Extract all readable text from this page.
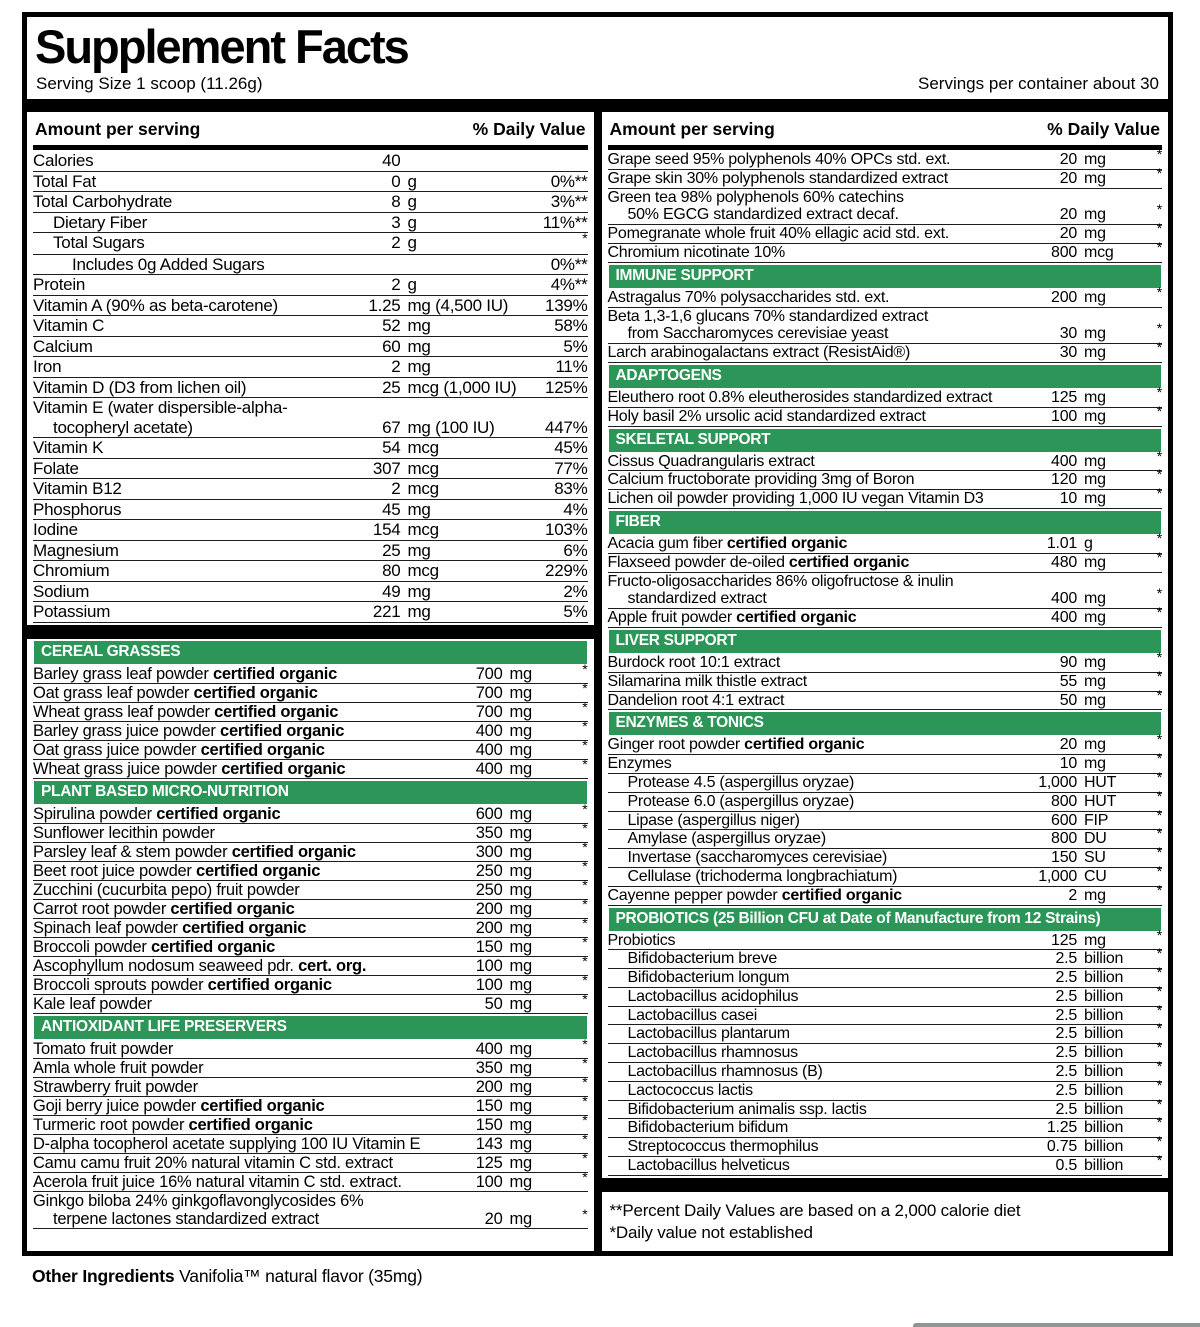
Supplement Facts
Serving Size 1 scoop (11.26g)	Servings per container about 30
Amount per serving	% Daily Value
Calories	40
Total Fat	0 g	0%**
Total Carbohydrate	8 g	3%**
Dietary Fiber	3 g	11%**
Total Sugars	2 g	*
Includes 0g Added Sugars	0%**
Protein	2 g	4%**
Vitamin A (90% as beta-carotene)	1.25 mg (4,500 IU)	139%
Vitamin C	52 mg	58%
Calcium	60 mg	5%
Iron	2 mg	11%
Vitamin D (D3 from lichen oil)	25 mcg (1,000 IU)	125%
Vitamin E (water dispersible-alpha-
tocopheryl acetate)	67 mg (100 IU)	447%
Vitamin K	54 mcg	45%
Folate	307 mcg	77%
Vitamin B12	2 mcg	83%
Phosphorus	45 mg	4%
Iodine	154 mcg	103%
Magnesium	25 mg	6%
Chromium	80 mcg	229%
Sodium	49 mg	2%
Potassium	221 mg	5%
CEREAL GRASSES
Barley grass leaf powder certified organic	700 mg	*
Oat grass leaf powder certified organic	700 mg	*
Wheat grass leaf powder certified organic	700 mg	*
Barley grass juice powder certified organic	400 mg	*
Oat grass juice powder certified organic	400 mg	*
Wheat grass juice powder certified organic	400 mg	*
PLANT BASED MICRO-NUTRITION
Spirulina powder certified organic	600 mg	*
Sunflower lecithin powder	350 mg	*
Parsley leaf & stem powder certified organic	300 mg	*
Beet root juice powder certified organic	250 mg	*
Zucchini (cucurbita pepo) fruit powder	250 mg	*
Carrot root powder certified organic	200 mg	*
Spinach leaf powder certified organic	200 mg	*
Broccoli powder certified organic	150 mg	*
Ascophyllum nodosum seaweed pdr. cert. org.	100 mg	*
Broccoli sprouts powder certified organic	100 mg	*
Kale leaf powder	50 mg	*
ANTIOXIDANT LIFE PRESERVERS
Tomato fruit powder	400 mg	*
Amla whole fruit powder	350 mg	*
Strawberry fruit powder	200 mg	*
Goji berry juice powder certified organic	150 mg	*
Turmeric root powder certified organic	150 mg	*
D-alpha tocopherol acetate supplying 100 IU Vitamin E	143 mg	*
Camu camu fruit 20% natural vitamin C std. extract	125 mg	*
Acerola fruit juice 16% natural vitamin C std. extract.	100 mg	*
Ginkgo biloba 24% ginkgoflavonglycosides 6%
terpene lactones standardized extract	20 mg	*
Amount per serving	% Daily Value
Grape seed 95% polyphenols 40% OPCs std. ext.	20 mg	*
Grape skin 30% polyphenols standardized extract	20 mg	*
Green tea 98% polyphenols 60% catechins
50% EGCG standardized extract decaf.	20 mg	*
Pomegranate whole fruit 40% ellagic acid std. ext.	20 mg	*
Chromium nicotinate 10%	800 mcg	*
IMMUNE SUPPORT
Astragalus 70% polysaccharides std. ext.	200 mg	*
Beta 1,3-1,6 glucans 70% standardized extract
from Saccharomyces cerevisiae yeast	30 mg	*
Larch arabinogalactans extract (ResistAid®)	30 mg	*
ADAPTOGENS
Eleuthero root 0.8% eleutherosides standardized extract	125 mg	*
Holy basil 2% ursolic acid standardized extract	100 mg	*
SKELETAL SUPPORT
Cissus Quadrangularis extract	400 mg	*
Calcium fructoborate providing 3mg of Boron	120 mg	*
Lichen oil powder providing 1,000 IU vegan Vitamin D3	10 mg	*
FIBER
Acacia gum fiber certified organic	1.01 g	*
Flaxseed powder de-oiled certified organic	480 mg	*
Fructo-oligosaccharides 86% oligofructose & inulin
standardized extract	400 mg	*
Apple fruit powder certified organic	400 mg	*
LIVER SUPPORT
Burdock root 10:1 extract	90 mg	*
Silamarina milk thistle extract	55 mg	*
Dandelion root 4:1 extract	50 mg	*
ENZYMES & TONICS
Ginger root powder certified organic	20 mg	*
Enzymes	10 mg	*
Protease 4.5 (aspergillus oryzae)	1,000 HUT	*
Protease 6.0 (aspergillus oryzae)	800 HUT	*
Lipase (aspergillus niger)	600 FIP	*
Amylase (aspergillus oryzae)	800 DU	*
Invertase (saccharomyces cerevisiae)	150 SU	*
Cellulase (trichoderma longbrachiatum)	1,000 CU	*
Cayenne pepper powder certified organic	2 mg	*
PROBIOTICS (25 Billion CFU at Date of Manufacture from 12 Strains)
Probiotics	125 mg	*
Bifidobacterium breve	2.5 billion	*
Bifidobacterium longum	2.5 billion	*
Lactobacillus acidophilus	2.5 billion	*
Lactobacillus casei	2.5 billion	*
Lactobacillus plantarum	2.5 billion	*
Lactobacillus rhamnosus	2.5 billion	*
Lactobacillus rhamnosus (B)	2.5 billion	*
Lactococcus lactis	2.5 billion	*
Bifidobacterium animalis ssp. lactis	2.5 billion	*
Bifidobacterium bifidum	1.25 billion	*
Streptococcus thermophilus	0.75 billion	*
Lactobacillus helveticus	0.5 billion	*
**Percent Daily Values are based on a 2,000 calorie diet
*Daily value not established
Other Ingredients Vanifolia™ natural flavor (35mg)
